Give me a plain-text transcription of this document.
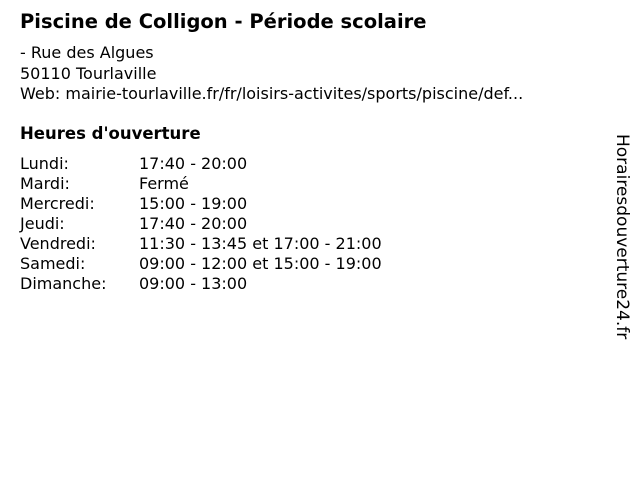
Piscine de Colligon - Période scolaire
- Rue des Algues
50110 Tourlaville
Web: mairie-tourlaville.fr/fr/loisirs-activites/sports/piscine/def...
Heures d'ouverture
Lundi:	17:40 - 20:00
Mardi:	Fermé
Mercredi:	15:00 - 19:00
Jeudi:	17:40 - 20:00
Vendredi:	11:30 - 13:45 et 17:00 - 21:00
Samedi:	09:00 - 12:00 et 15:00 - 19:00
Dimanche:	09:00 - 13:00	Horairesdouverture24.fr
